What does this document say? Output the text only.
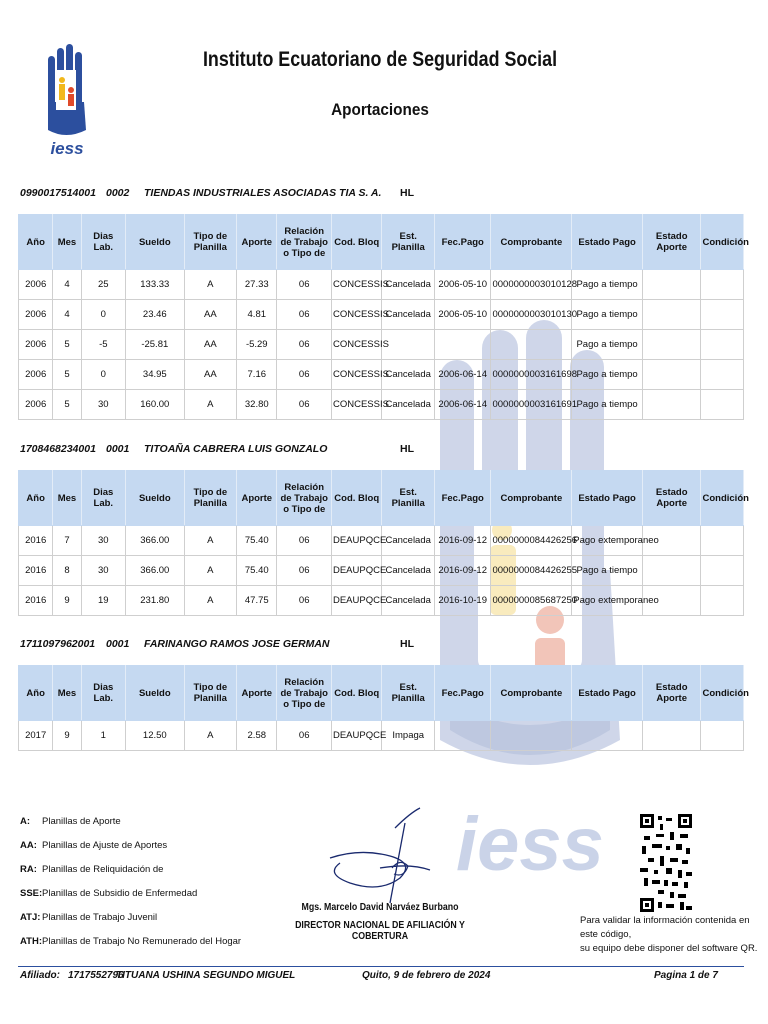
iess
iess
Instituto Ecuatoriano de Seguridad Social
Aportaciones
0990017514001 0002 TIENDAS INDUSTRIALES ASOCIADAS TIA S. A. HL
Año	Mes	Dias Lab.	Sueldo	Tipo de Planilla	Aporte	Relación de Trabajo o Tipo de	Cod. Bloq	Est. Planilla	Fec.Pago	Comprobante	Estado Pago	Estado Aporte	Condición
2006	4	25	133.33	A	27.33	06	CONCESSIS	Cancelada	2006-05-10	0000000003010128	Pago a tiempo		
2006	4	0	23.46	AA	4.81	06	CONCESSIS	Cancelada	2006-05-10	0000000003010130	Pago a tiempo		
2006	5	-5	-25.81	AA	-5.29	06	CONCESSIS				Pago a tiempo		
2006	5	0	34.95	AA	7.16	06	CONCESSIS	Cancelada	2006-06-14	0000000003161698	Pago a tiempo		
2006	5	30	160.00	A	32.80	06	CONCESSIS	Cancelada	2006-06-14	0000000003161691	Pago a tiempo		
1708468234001 0001 TITOAÑA CABRERA LUIS GONZALO	HL
Año	Mes	Dias Lab.	Sueldo	Tipo de Planilla	Aporte	Relación de Trabajo o Tipo de	Cod. Bloq	Est. Planilla	Fec.Pago	Comprobante	Estado Pago	Estado Aporte	Condición
2016	7	30	366.00	A	75.40	06	DEAUPQCE	Cancelada	2016-09-12	0000000084426256	Pago extemporaneo		
2016	8	30	366.00	A	75.40	06	DEAUPQCE	Cancelada	2016-09-12	0000000084426255	Pago a tiempo		
2016	9	19	231.80	A	47.75	06	DEAUPQCE	Cancelada	2016-10-19	0000000085687250	Pago extemporaneo		
1711097962001 0001 FARINANGO RAMOS JOSE GERMAN	HL
Año	Mes	Dias Lab.	Sueldo	Tipo de Planilla	Aporte	Relación de Trabajo o Tipo de	Cod. Bloq	Est. Planilla	Fec.Pago	Comprobante	Estado Pago	Estado Aporte	Condición
2017	9	1	12.50	A	2.58	06	DEAUPQCE	Impaga					
A: Planillas de Aporte
AA: Planillas de Ajuste de Aportes
RA: Planillas de Reliquidación de
SSE: Planillas de Subsidio de Enfermedad
ATJ: Planillas de Trabajo Juvenil
ATH: Planillas de Trabajo No Remunerado del Hogar
Mgs. Marcelo David Narváez Burbano
DIRECTOR NACIONAL DE AFILIACIÓN Y COBERTURA
Para validar la información contenida en este código,
su equipo debe disponer del software QR.
Afiliado: 1717552796
TITUANA USHINA SEGUNDO MIGUEL	Quito, 9 de febrero de 2024	Pagina 1 de 7
